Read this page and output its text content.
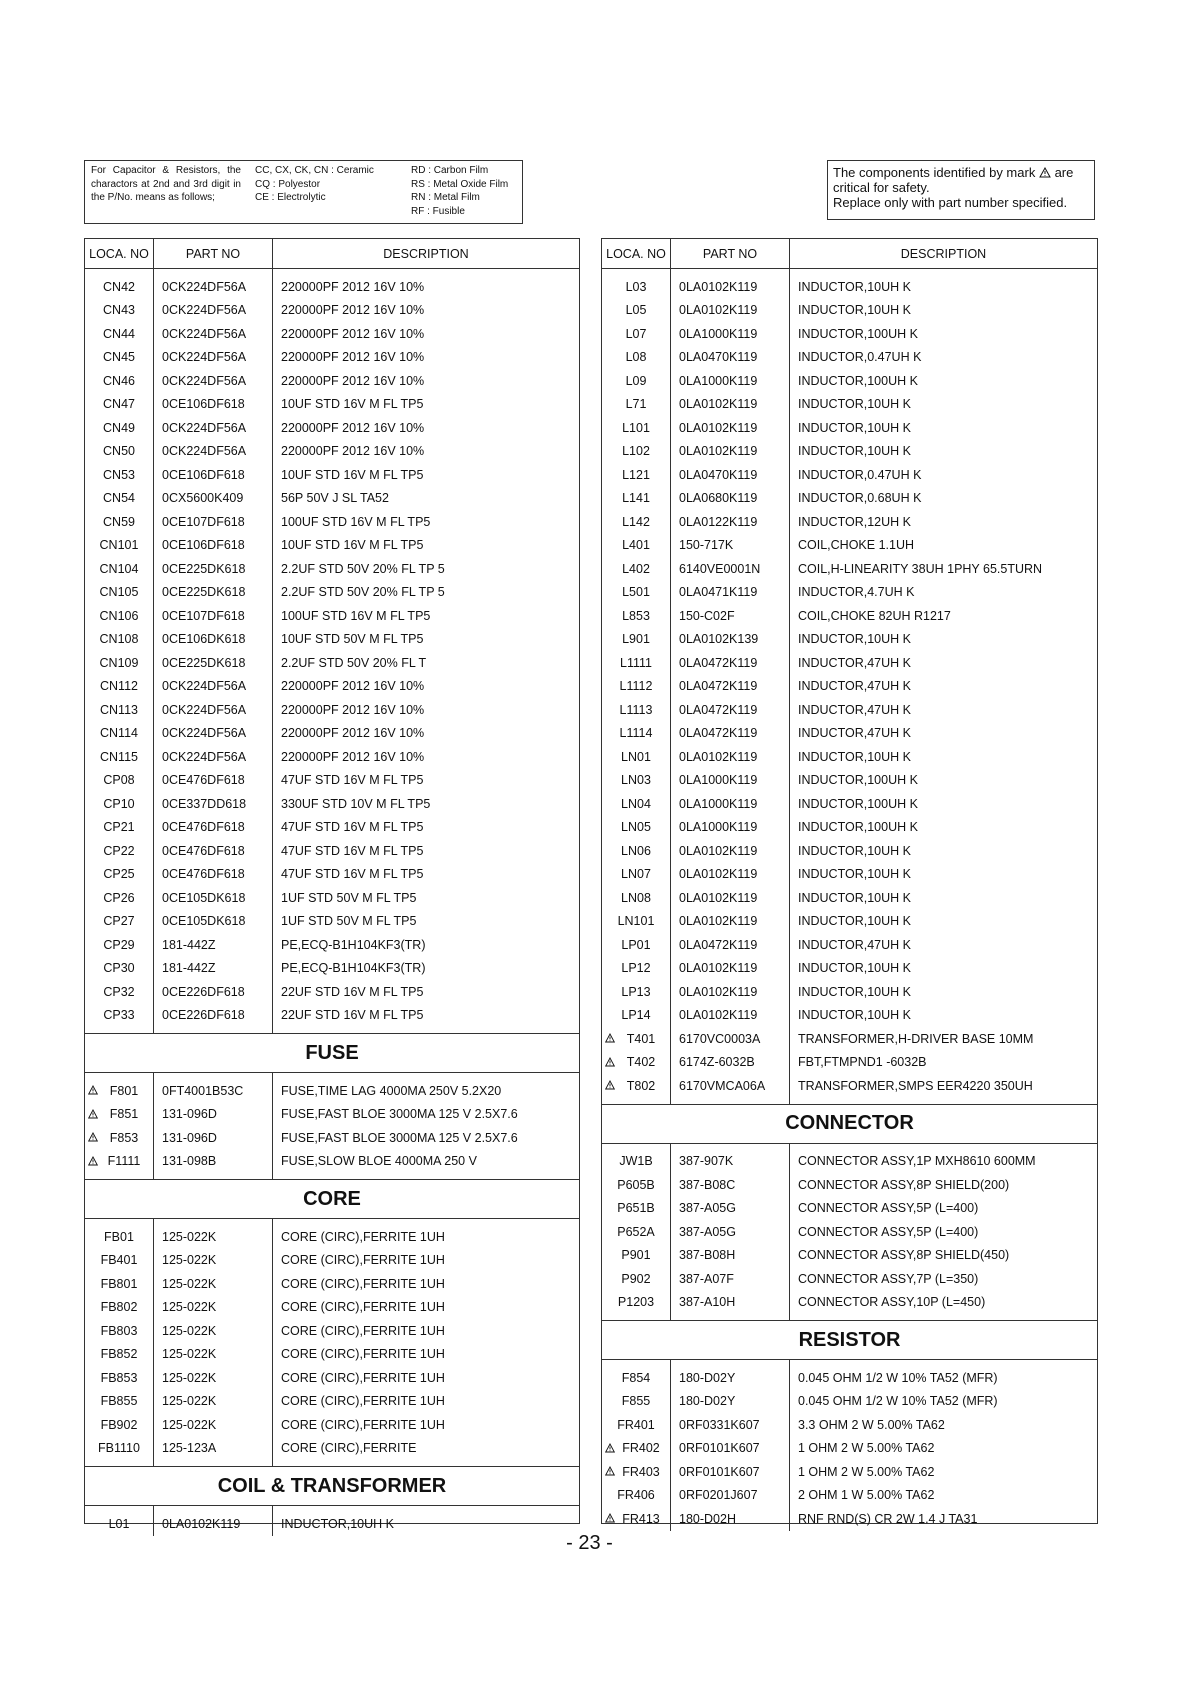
For Capacitor & Resistors, the charactors at 2nd and 3rd digit in the P/No. means as follows;
CC, CX, CK, CN : Ceramic
CQ : Polyestor
CE : Electrolytic
RD : Carbon Film
RS : Metal Oxide Film
RN : Metal Film
RF : Fusible
The components identified by mark are
critical for safety.
Replace only with part number specified.
LOCA. NO	PART NO	DESCRIPTION

CN42	0CK224DF56A	220000PF 2012 16V 10%
CN43	0CK224DF56A	220000PF 2012 16V 10%
CN44	0CK224DF56A	220000PF 2012 16V 10%
CN45	0CK224DF56A	220000PF 2012 16V 10%
CN46	0CK224DF56A	220000PF 2012 16V 10%
CN47	0CE106DF618	10UF STD 16V M FL TP5
CN49	0CK224DF56A	220000PF 2012 16V 10%
CN50	0CK224DF56A	220000PF 2012 16V 10%
CN53	0CE106DF618	10UF STD 16V M FL TP5
CN54	0CX5600K409	56P 50V J SL TA52
CN59	0CE107DF618	100UF STD 16V M FL TP5
CN101	0CE106DF618	10UF STD 16V M FL TP5
CN104	0CE225DK618	2.2UF STD 50V 20% FL TP 5
CN105	0CE225DK618	2.2UF STD 50V 20% FL TP 5
CN106	0CE107DF618	100UF STD 16V M FL TP5
CN108	0CE106DK618	10UF STD 50V M FL TP5
CN109	0CE225DK618	2.2UF STD 50V 20% FL T
CN112	0CK224DF56A	220000PF 2012 16V 10%
CN113	0CK224DF56A	220000PF 2012 16V 10%
CN114	0CK224DF56A	220000PF 2012 16V 10%
CN115	0CK224DF56A	220000PF 2012 16V 10%
CP08	0CE476DF618	47UF STD 16V M FL TP5
CP10	0CE337DD618	330UF STD 10V M FL TP5
CP21	0CE476DF618	47UF STD 16V M FL TP5
CP22	0CE476DF618	47UF STD 16V M FL TP5
CP25	0CE476DF618	47UF STD 16V M FL TP5
CP26	0CE105DK618	1UF STD 50V M FL TP5
CP27	0CE105DK618	1UF STD 50V M FL TP5
CP29	181-442Z	PE,ECQ-B1H104KF3(TR)
CP30	181-442Z	PE,ECQ-B1H104KF3(TR)
CP32	0CE226DF618	22UF STD 16V M FL TP5
CP33	0CE226DF618	22UF STD 16V M FL TP5

FUSE		

F801	0FT4001B53C	FUSE,TIME LAG 4000MA 250V 5.2X20

F851	131-096D	FUSE,FAST BLOE 3000MA 125 V 2.5X7.6

F853	131-096D	FUSE,FAST BLOE 3000MA 125 V 2.5X7.6

F1111	131-098B	FUSE,SLOW BLOE 4000MA 250 V

CORE		

FB01	125-022K	CORE (CIRC),FERRITE 1UH
FB401	125-022K	CORE (CIRC),FERRITE 1UH
FB801	125-022K	CORE (CIRC),FERRITE 1UH
FB802	125-022K	CORE (CIRC),FERRITE 1UH
FB803	125-022K	CORE (CIRC),FERRITE 1UH
FB852	125-022K	CORE (CIRC),FERRITE 1UH
FB853	125-022K	CORE (CIRC),FERRITE 1UH
FB855	125-022K	CORE (CIRC),FERRITE 1UH
FB902	125-022K	CORE (CIRC),FERRITE 1UH
FB1110	125-123A	CORE (CIRC),FERRITE

COIL & TRANSFORMER		

L01	0LA0102K119	INDUCTOR,10UH K
LOCA. NO	PART NO	DESCRIPTION

L03	0LA0102K119	INDUCTOR,10UH K
L05	0LA0102K119	INDUCTOR,10UH K
L07	0LA1000K119	INDUCTOR,100UH K
L08	0LA0470K119	INDUCTOR,0.47UH K
L09	0LA1000K119	INDUCTOR,100UH K
L71	0LA0102K119	INDUCTOR,10UH K
L101	0LA0102K119	INDUCTOR,10UH K
L102	0LA0102K119	INDUCTOR,10UH K
L121	0LA0470K119	INDUCTOR,0.47UH K
L141	0LA0680K119	INDUCTOR,0.68UH K
L142	0LA0122K119	INDUCTOR,12UH K
L401	150-717K	COIL,CHOKE 1.1UH
L402	6140VE0001N	COIL,H-LINEARITY 38UH 1PHY 65.5TURN
L501	0LA0471K119	INDUCTOR,4.7UH K
L853	150-C02F	COIL,CHOKE 82UH R1217
L901	0LA0102K139	INDUCTOR,10UH K
L1111	0LA0472K119	INDUCTOR,47UH K
L1112	0LA0472K119	INDUCTOR,47UH K
L1113	0LA0472K119	INDUCTOR,47UH K
L1114	0LA0472K119	INDUCTOR,47UH K
LN01	0LA0102K119	INDUCTOR,10UH K
LN03	0LA1000K119	INDUCTOR,100UH K
LN04	0LA1000K119	INDUCTOR,100UH K
LN05	0LA1000K119	INDUCTOR,100UH K
LN06	0LA0102K119	INDUCTOR,10UH K
LN07	0LA0102K119	INDUCTOR,10UH K
LN08	0LA0102K119	INDUCTOR,10UH K
LN101	0LA0102K119	INDUCTOR,10UH K
LP01	0LA0472K119	INDUCTOR,47UH K
LP12	0LA0102K119	INDUCTOR,10UH K
LP13	0LA0102K119	INDUCTOR,10UH K
LP14	0LA0102K119	INDUCTOR,10UH K

T401	6170VC0003A	TRANSFORMER,H-DRIVER BASE 10MM

T402	6174Z-6032B	FBT,FTMPND1 -6032B

T802	6170VMCA06A	TRANSFORMER,SMPS EER4220 350UH

CONNECTOR		

JW1B	387-907K	CONNECTOR ASSY,1P MXH8610 600MM
P605B	387-B08C	CONNECTOR ASSY,8P SHIELD(200)
P651B	387-A05G	CONNECTOR ASSY,5P (L=400)
P652A	387-A05G	CONNECTOR ASSY,5P (L=400)
P901	387-B08H	CONNECTOR ASSY,8P SHIELD(450)
P902	387-A07F	CONNECTOR ASSY,7P (L=350)
P1203	387-A10H	CONNECTOR ASSY,10P (L=450)

RESISTOR		

F854	180-D02Y	0.045 OHM 1/2 W 10% TA52 (MFR)
F855	180-D02Y	0.045 OHM 1/2 W 10% TA52 (MFR)
FR401	0RF0331K607	3.3 OHM 2 W 5.00% TA62

FR402	0RF0101K607	1 OHM 2 W 5.00% TA62

FR403	0RF0101K607	1 OHM 2 W 5.00% TA62
FR406	0RF0201J607	2 OHM 1 W 5.00% TA62

FR413	180-D02H	RNF RND(S) CR 2W 1.4 J TA31
- 23 -
